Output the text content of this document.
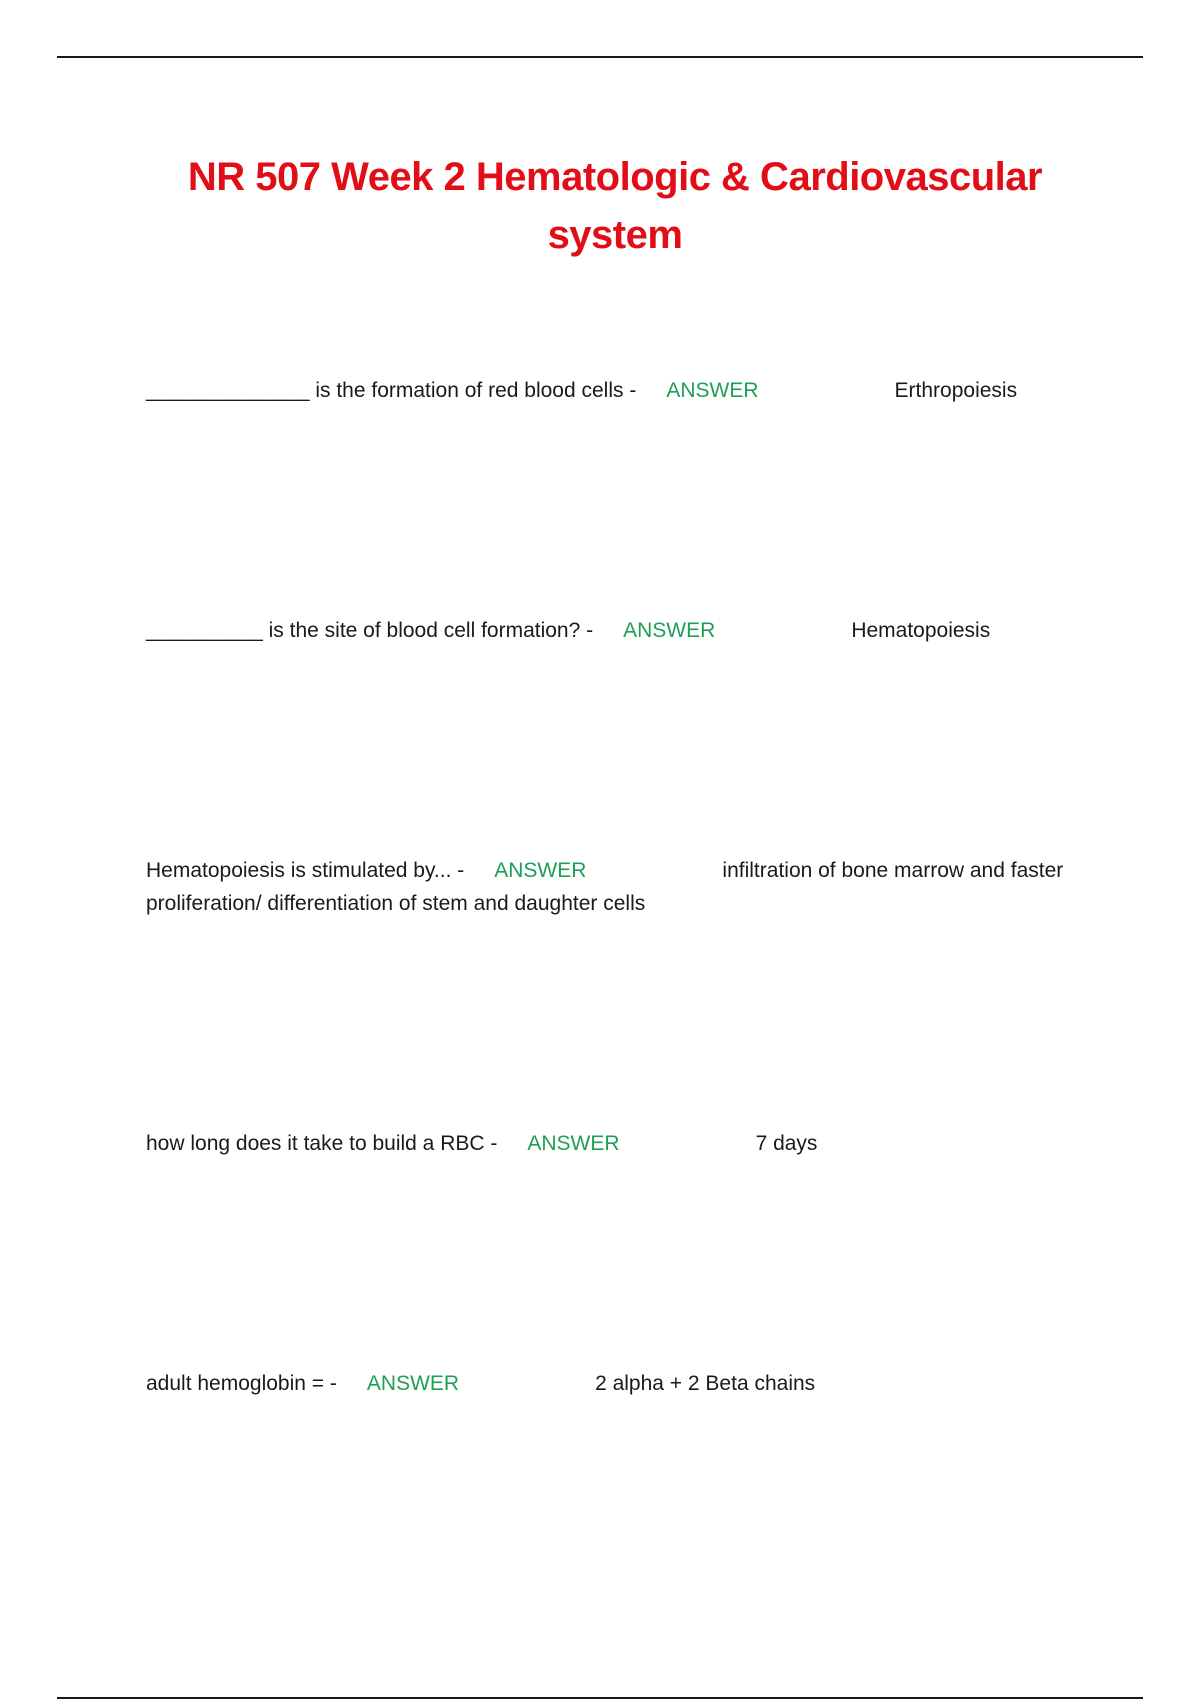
NR 507 Week 2 Hematologic & Cardiovascular system
______________ is the formation of red blood cells - ANSWER	Erthropoiesis
__________ is the site of blood cell formation? - ANSWER	Hematopoiesis
Hematopoiesis is stimulated by... - ANSWER	infiltration of bone marrow and faster proliferation/ differentiation of stem and daughter cells
how long does it take to build a RBC - ANSWER	7 days
adult hemoglobin = - ANSWER	2 alpha + 2 Beta chains
